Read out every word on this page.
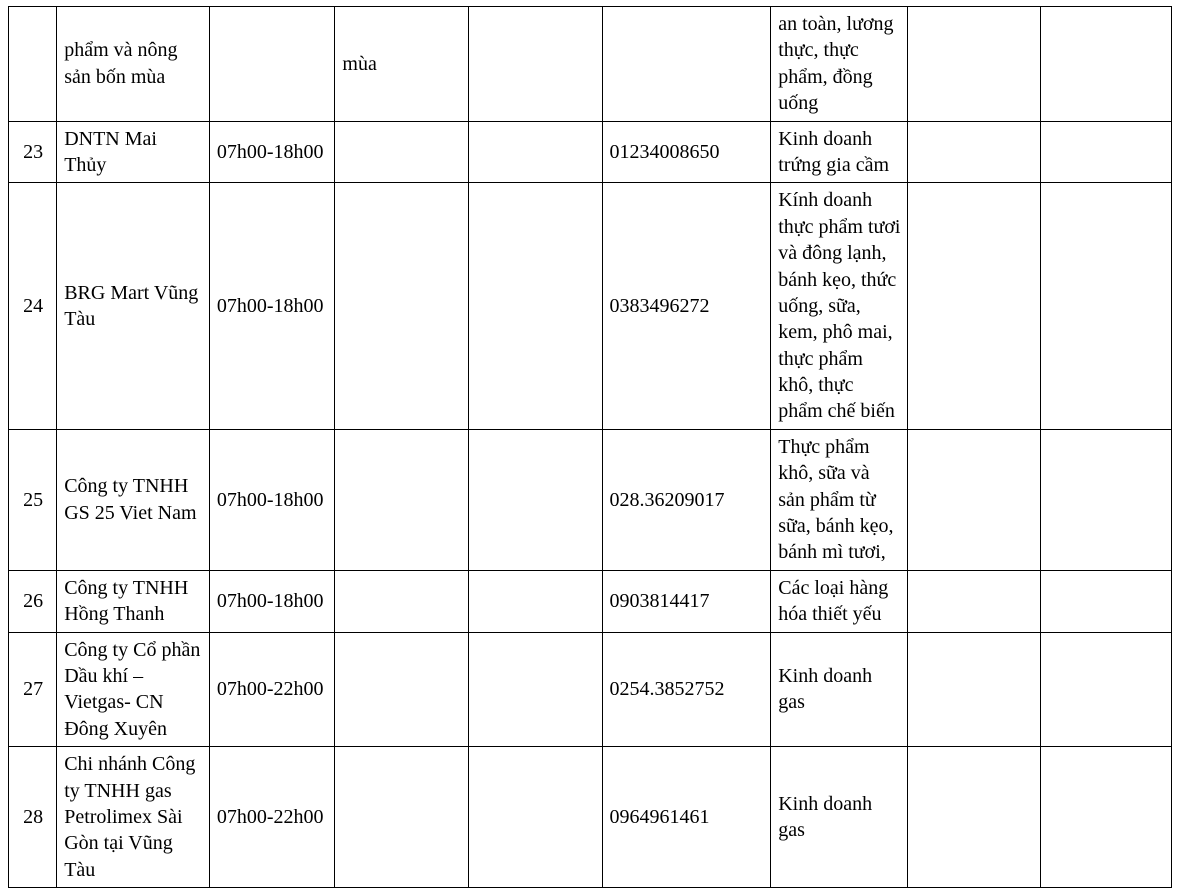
	phẩm và nông sản bốn mùa		mùa			an toàn, lương thực, thực phẩm, đồng uống		
23	DNTN Mai Thủy	07h00-18h00			01234008650	Kinh doanh trứng gia cầm		
24	BRG Mart Vũng Tàu	07h00-18h00			0383496272	Kính doanh thực phẩm tươi và đông lạnh, bánh kẹo, thức uống, sữa, kem, phô mai, thực phẩm khô, thực phẩm chế biến		
25	Công ty TNHH GS 25 Viet Nam	07h00-18h00			028.36209017	Thực phẩm khô, sữa và sản phẩm từ sữa, bánh kẹo, bánh mì tươi,		
26	Công ty TNHH Hồng Thanh	07h00-18h00			0903814417	Các loại hàng hóa thiết yếu		
27	Công ty Cổ phần Dầu khí – Vietgas- CN Đông Xuyên	07h00-22h00			0254.3852752	Kinh doanh gas		
28	Chi nhánh Công ty TNHH gas Petrolimex Sài Gòn tại Vũng Tàu	07h00-22h00			0964961461	Kinh doanh gas		
